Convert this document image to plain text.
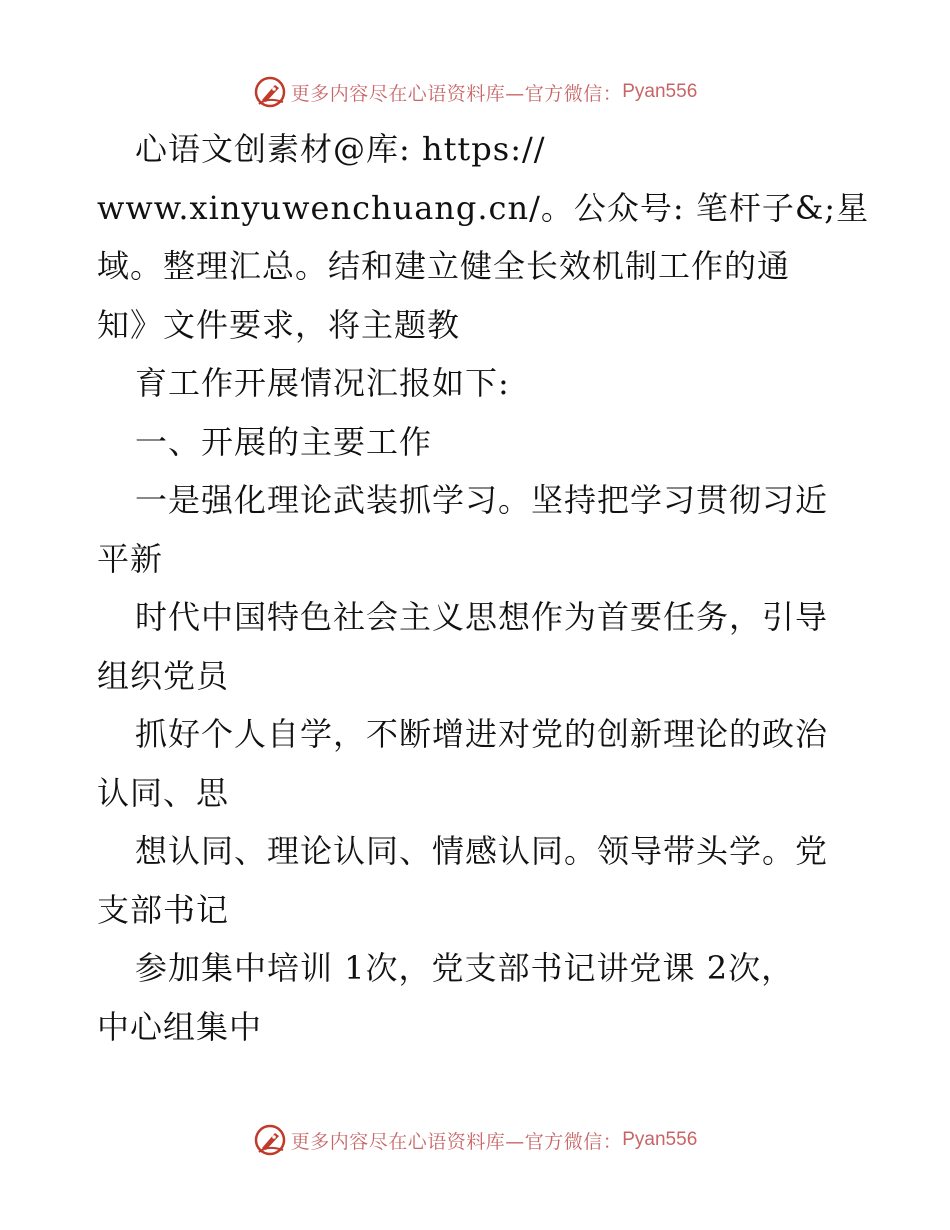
更多内容尽在心语资料库—官方微信： Pyan556
心语文创素材@库: https://
www.xinyuwenchuang.cn/。公众号: 笔杆子&;星
域。整理汇总。结和建立健全长效机制工作的通
知》文件要求，将主题教
育工作开展情况汇报如下:
一、开展的主要工作
一是强化理论武装抓学习。坚持把学习贯彻习近
平新
时代中国特色社会主义思想作为首要任务，引导
组织党员
抓好个人自学，不断增进对党的创新理论的政治
认同、思
想认同、理论认同、情感认同。领导带头学。党
支部书记
参加集中培训 1次，党支部书记讲党课 2次，
中心组集中
更多内容尽在心语资料库—官方微信： Pyan556
